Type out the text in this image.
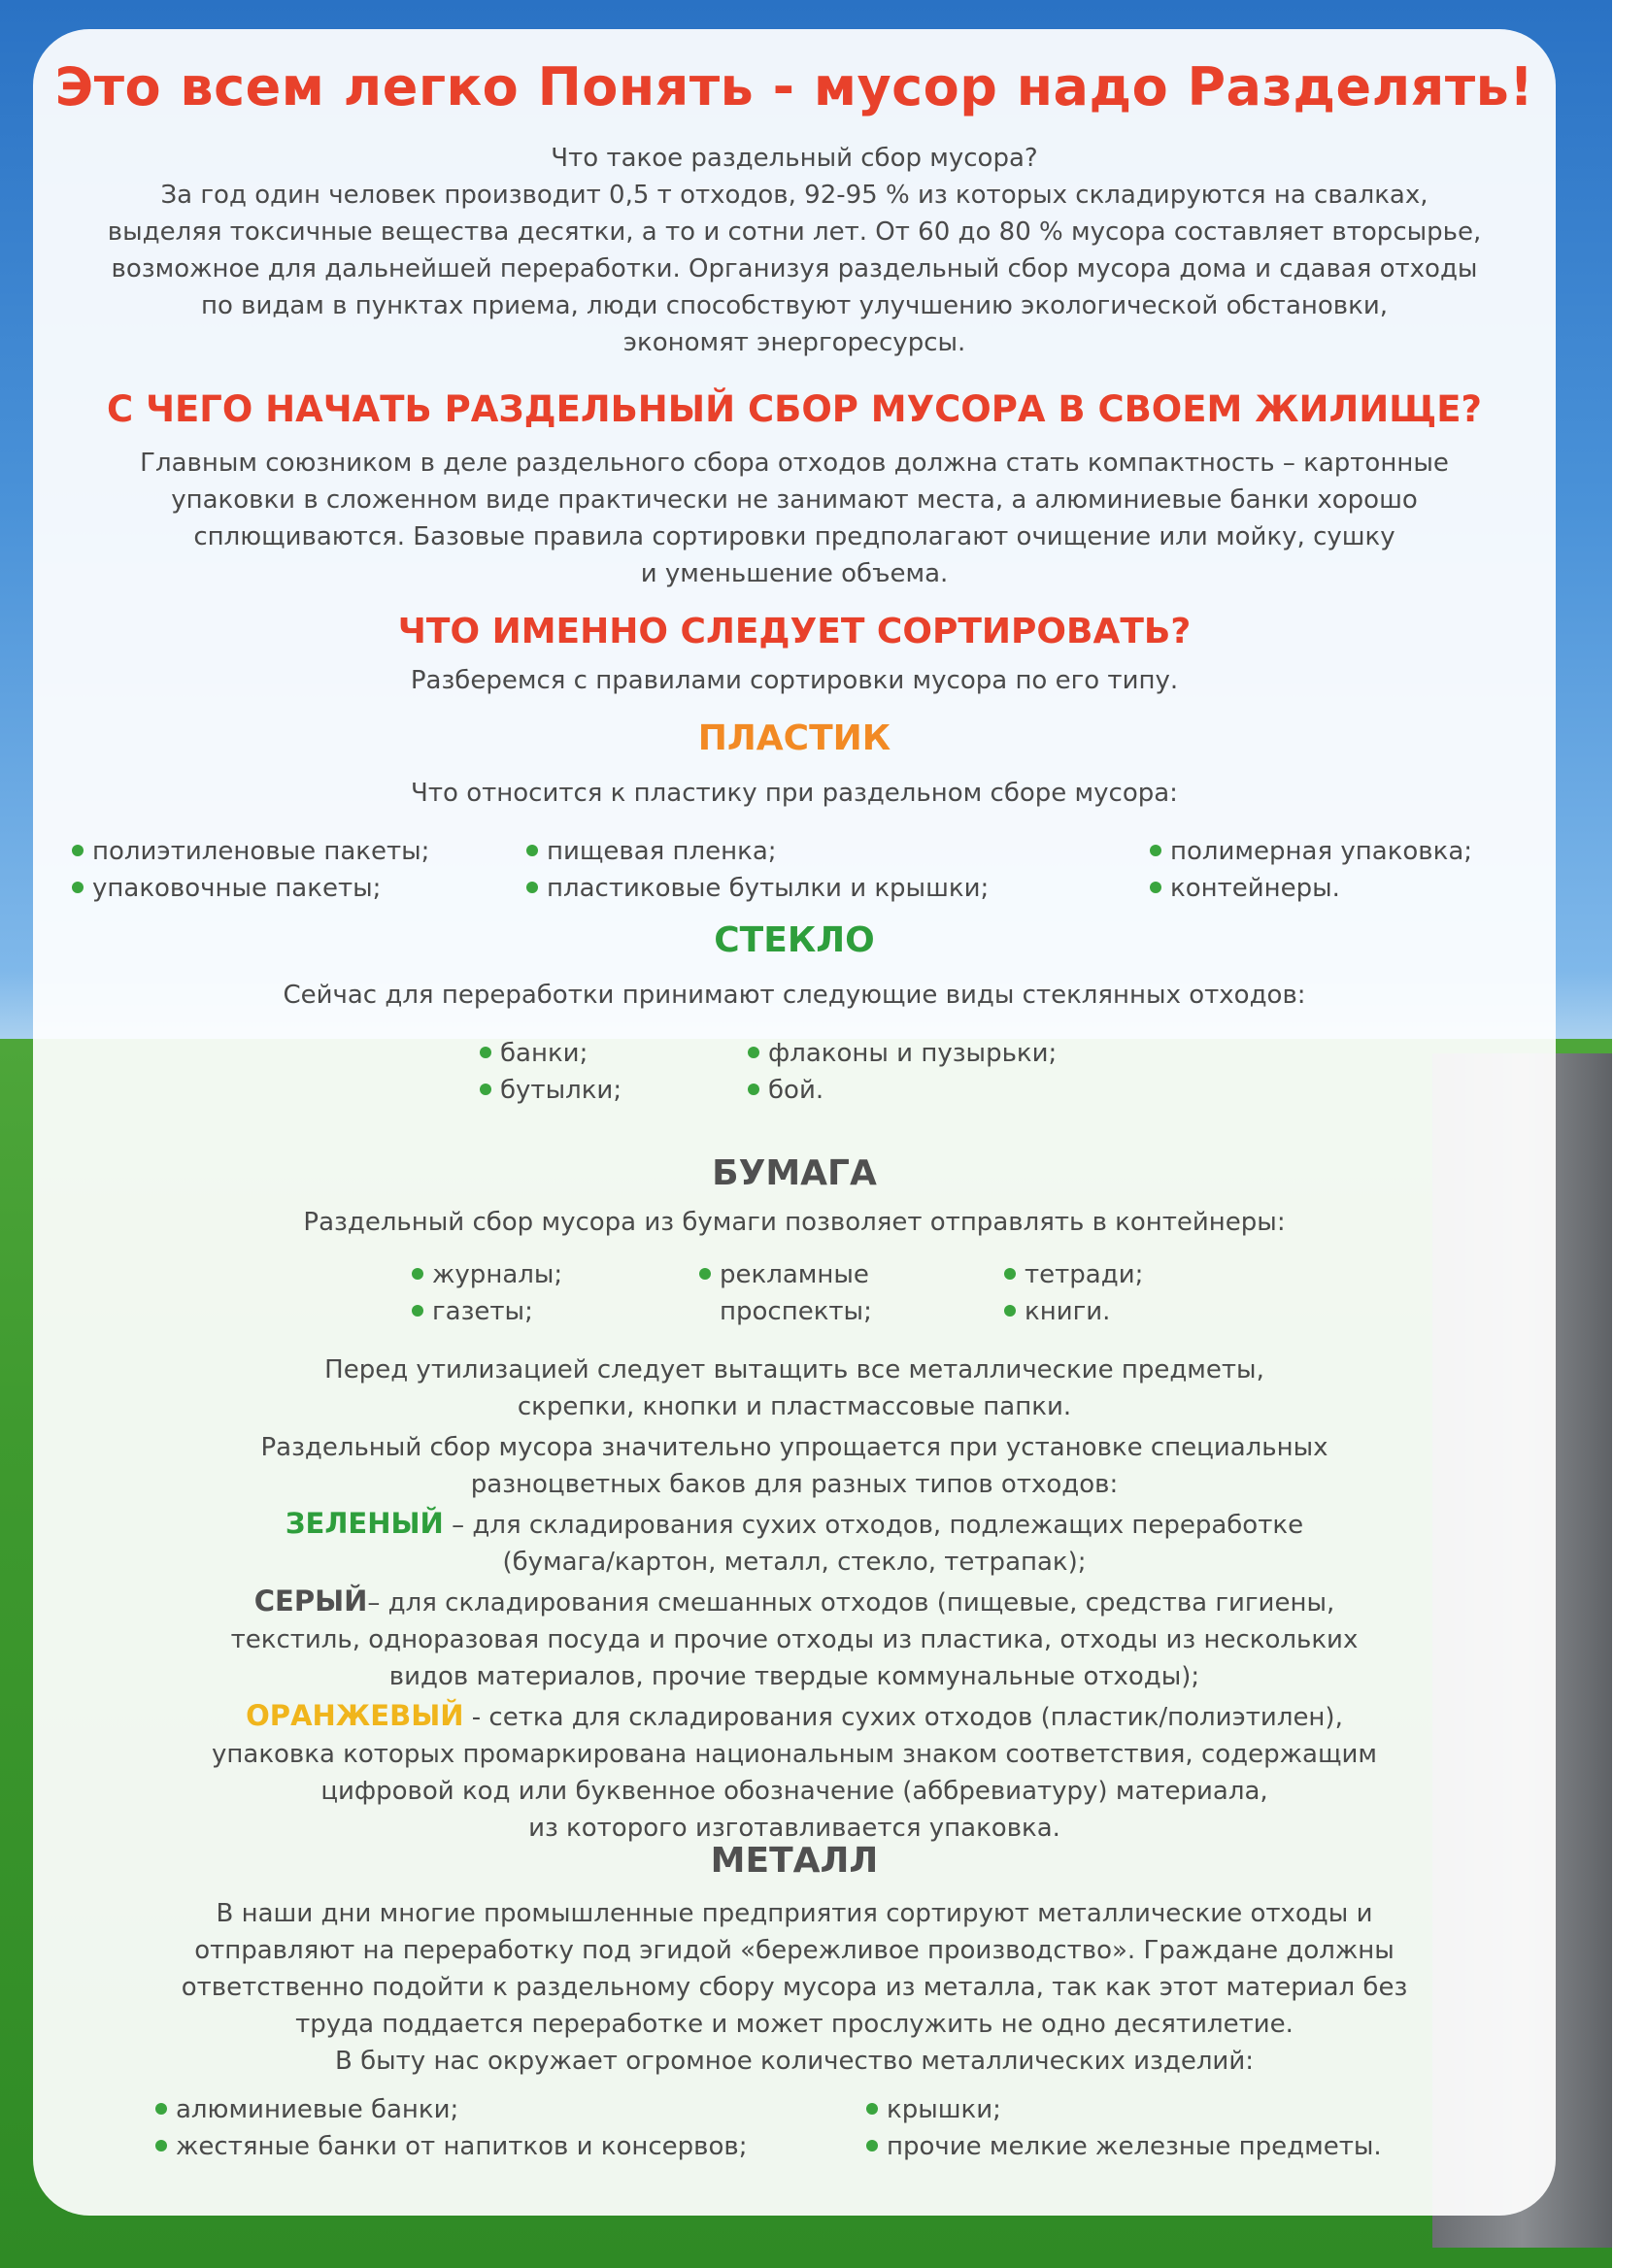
Это всем легко Понять - мусор надо Разделять!
Что такое раздельный сбор мусора?
За год один человек производит 0,5 т отходов, 92-95 % из которых складируются на свалках,
выделяя токсичные вещества десятки, а то и сотни лет. От 60 до 80 % мусора составляет вторсырье,
возможное для дальнейшей переработки. Организуя раздельный сбор мусора дома и сдавая отходы
по видам в пунктах приема, люди способствуют улучшению экологической обстановки,
экономят энергоресурсы.
С ЧЕГО НАЧАТЬ РАЗДЕЛЬНЫЙ СБОР МУСОРА В СВОЕМ ЖИЛИЩЕ?
Главным союзником в деле раздельного сбора отходов должна стать компактность – картонные
упаковки в сложенном виде практически не занимают места, а алюминиевые банки хорошо
сплющиваются. Базовые правила сортировки предполагают очищение или мойку, сушку
и уменьшение объема.
ЧТО ИМЕННО СЛЕДУЕТ СОРТИРОВАТЬ?
Разберемся с правилами сортировки мусора по его типу.
ПЛАСТИК
Что относится к пластику при раздельном сборе мусора:
полиэтиленовые пакеты;
упаковочные пакеты;
пищевая пленка;
пластиковые бутылки и крышки;
полимерная упаковка;
контейнеры.
СТЕКЛО
Сейчас для переработки принимают следующие виды стеклянных отходов:
банки;
бутылки;
флаконы и пузырьки;
бой.
БУМАГА
Раздельный сбор мусора из бумаги позволяет отправлять в контейнеры:
журналы;
газеты;
рекламные
проспекты;
тетради;
книги.
Перед утилизацией следует вытащить все металлические предметы,
скрепки, кнопки и пластмассовые папки.
Раздельный сбор мусора значительно упрощается при установке специальных
разноцветных баков для разных типов отходов:
ЗЕЛЕНЫЙ – для складирования сухих отходов, подлежащих переработке
(бумага/картон, металл, стекло, тетрапак);
СЕРЫЙ– для складирования смешанных отходов (пищевые, средства гигиены,
текстиль, одноразовая посуда и прочие отходы из пластика, отходы из нескольких
видов материалов, прочие твердые коммунальные отходы);
ОРАНЖЕВЫЙ - сетка для складирования сухих отходов (пластик/полиэтилен),
упаковка которых промаркирована национальным знаком соответствия, содержащим
цифровой код или буквенное обозначение (аббревиатуру) материала,
из которого изготавливается упаковка.
МЕТАЛЛ
В наши дни многие промышленные предприятия сортируют металлические отходы и
отправляют на переработку под эгидой «бережливое производство». Граждане должны
ответственно подойти к раздельному сбору мусора из металла, так как этот материал без
труда поддается переработке и может прослужить не одно десятилетие.
В быту нас окружает огромное количество металлических изделий:
алюминиевые банки;
жестяные банки от напитков и консервов;
крышки;
прочие мелкие железные предметы.
